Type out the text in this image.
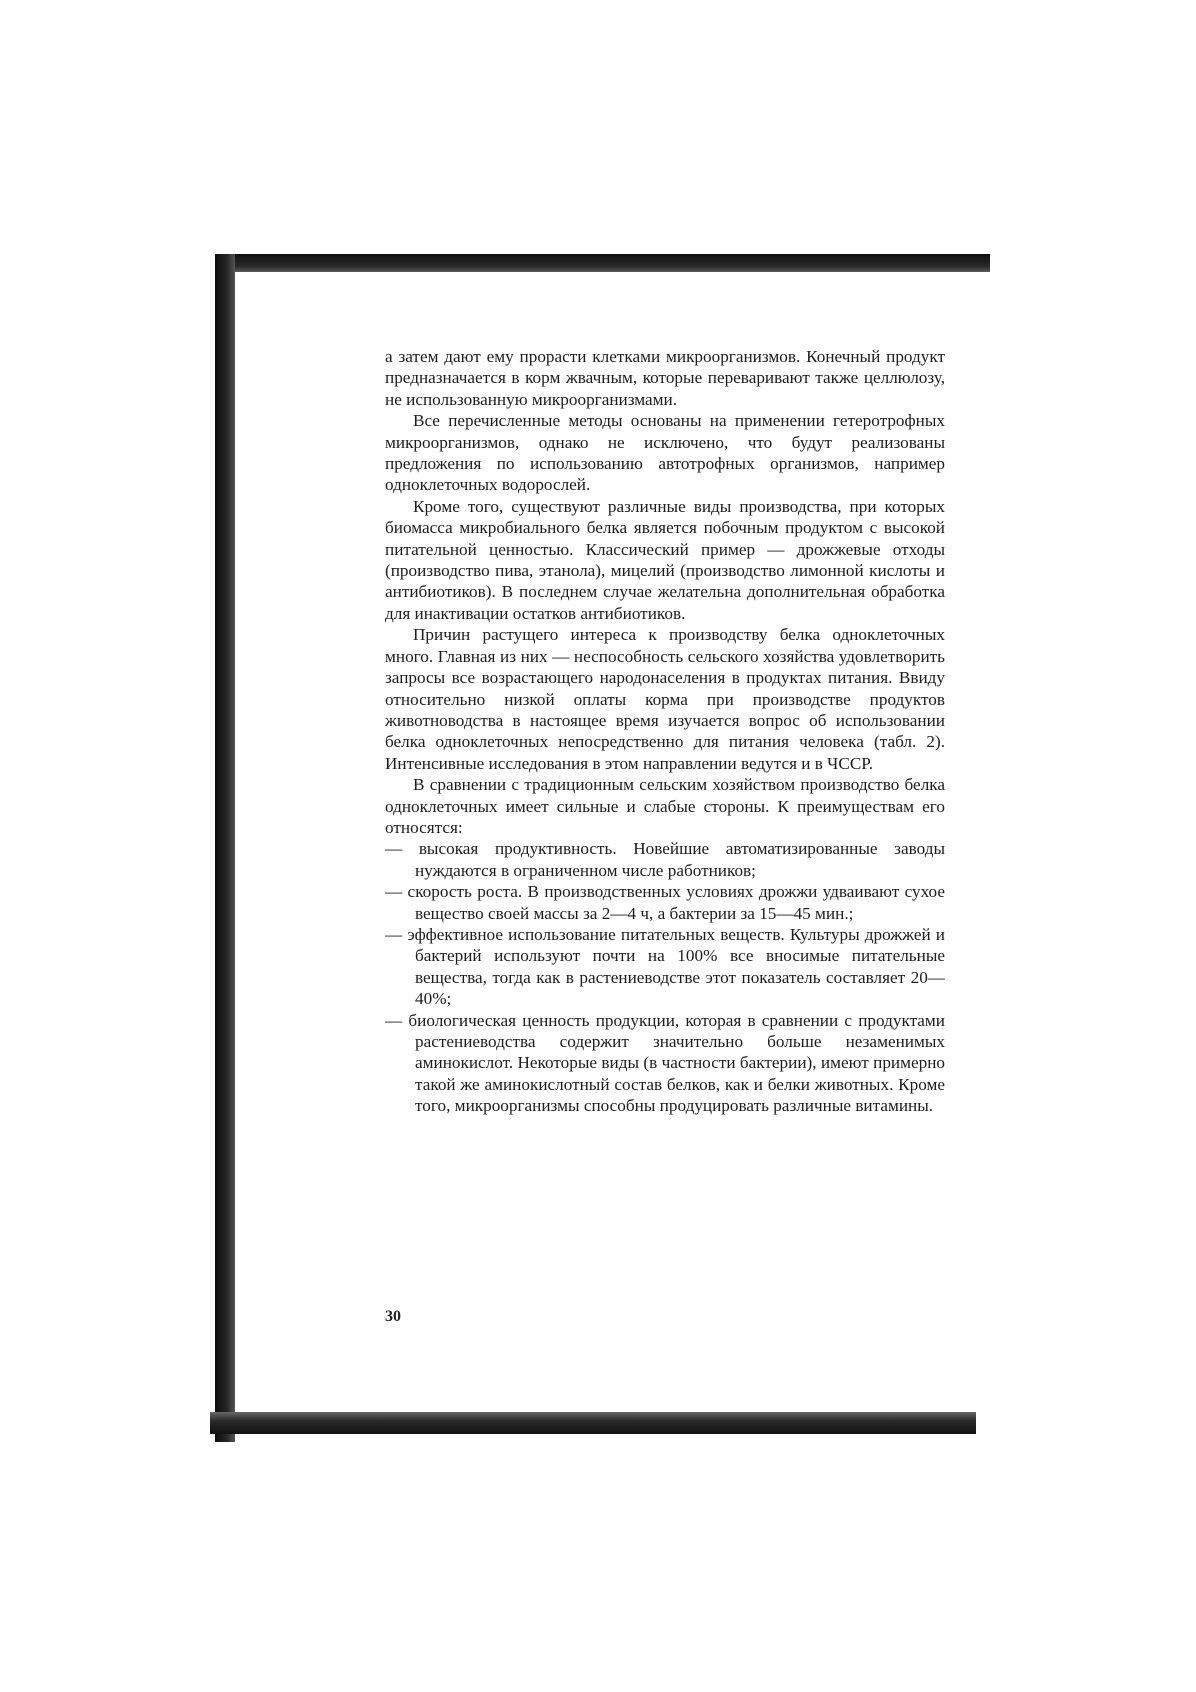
а затем дают ему прорасти клетками микроорганизмов. Конечный продукт предназначается в корм жвачным, которые переваривают также целлюлозу, не использованную микроорганизмами.

Все перечисленные методы основаны на применении гетеротрофных микроорганизмов, однако не исключено, что будут реализованы предложения по использованию автотрофных организмов, например одноклеточных водорослей.

Кроме того, существуют различные виды производства, при которых биомасса микробиального белка является побочным продуктом с высокой питательной ценностью. Классический пример — дрожжевые отходы (производство пива, этанола), мицелий (производство лимонной кислоты и антибиотиков). В последнем случае желательна дополнительная обработка для инактивации остатков антибиотиков.

Причин растущего интереса к производству белка одноклеточных много. Главная из них — неспособность сельского хозяйства удовлетворить запросы все возрастающего народонаселения в продуктах питания. Ввиду относительно низкой оплаты корма при производстве продуктов животноводства в настоящее время изучается вопрос об использовании белка одноклеточных непосредственно для питания человека (табл. 2). Интенсивные исследования в этом направлении ведутся и в ЧССР.

В сравнении с традиционным сельским хозяйством производство белка одноклеточных имеет сильные и слабые стороны. К преимуществам его относятся:

— высокая продуктивность. Новейшие автоматизированные заводы нуждаются в ограниченном числе работников;

— скорость роста. В производственных условиях дрожжи удваивают сухое вещество своей массы за 2—4 ч, а бактерии за 15—45 мин.;

— эффективное использование питательных веществ. Культуры дрожжей и бактерий используют почти на 100% все вносимые питательные вещества, тогда как в растениеводстве этот показатель составляет 20—40%;

— биологическая ценность продукции, которая в сравнении с продуктами растениеводства содержит значительно больше незаменимых аминокислот. Некоторые виды (в частности бактерии), имеют примерно такой же аминокислотный состав белков, как и белки животных. Кроме того, микроорганизмы способны продуцировать различные витамины.

30
